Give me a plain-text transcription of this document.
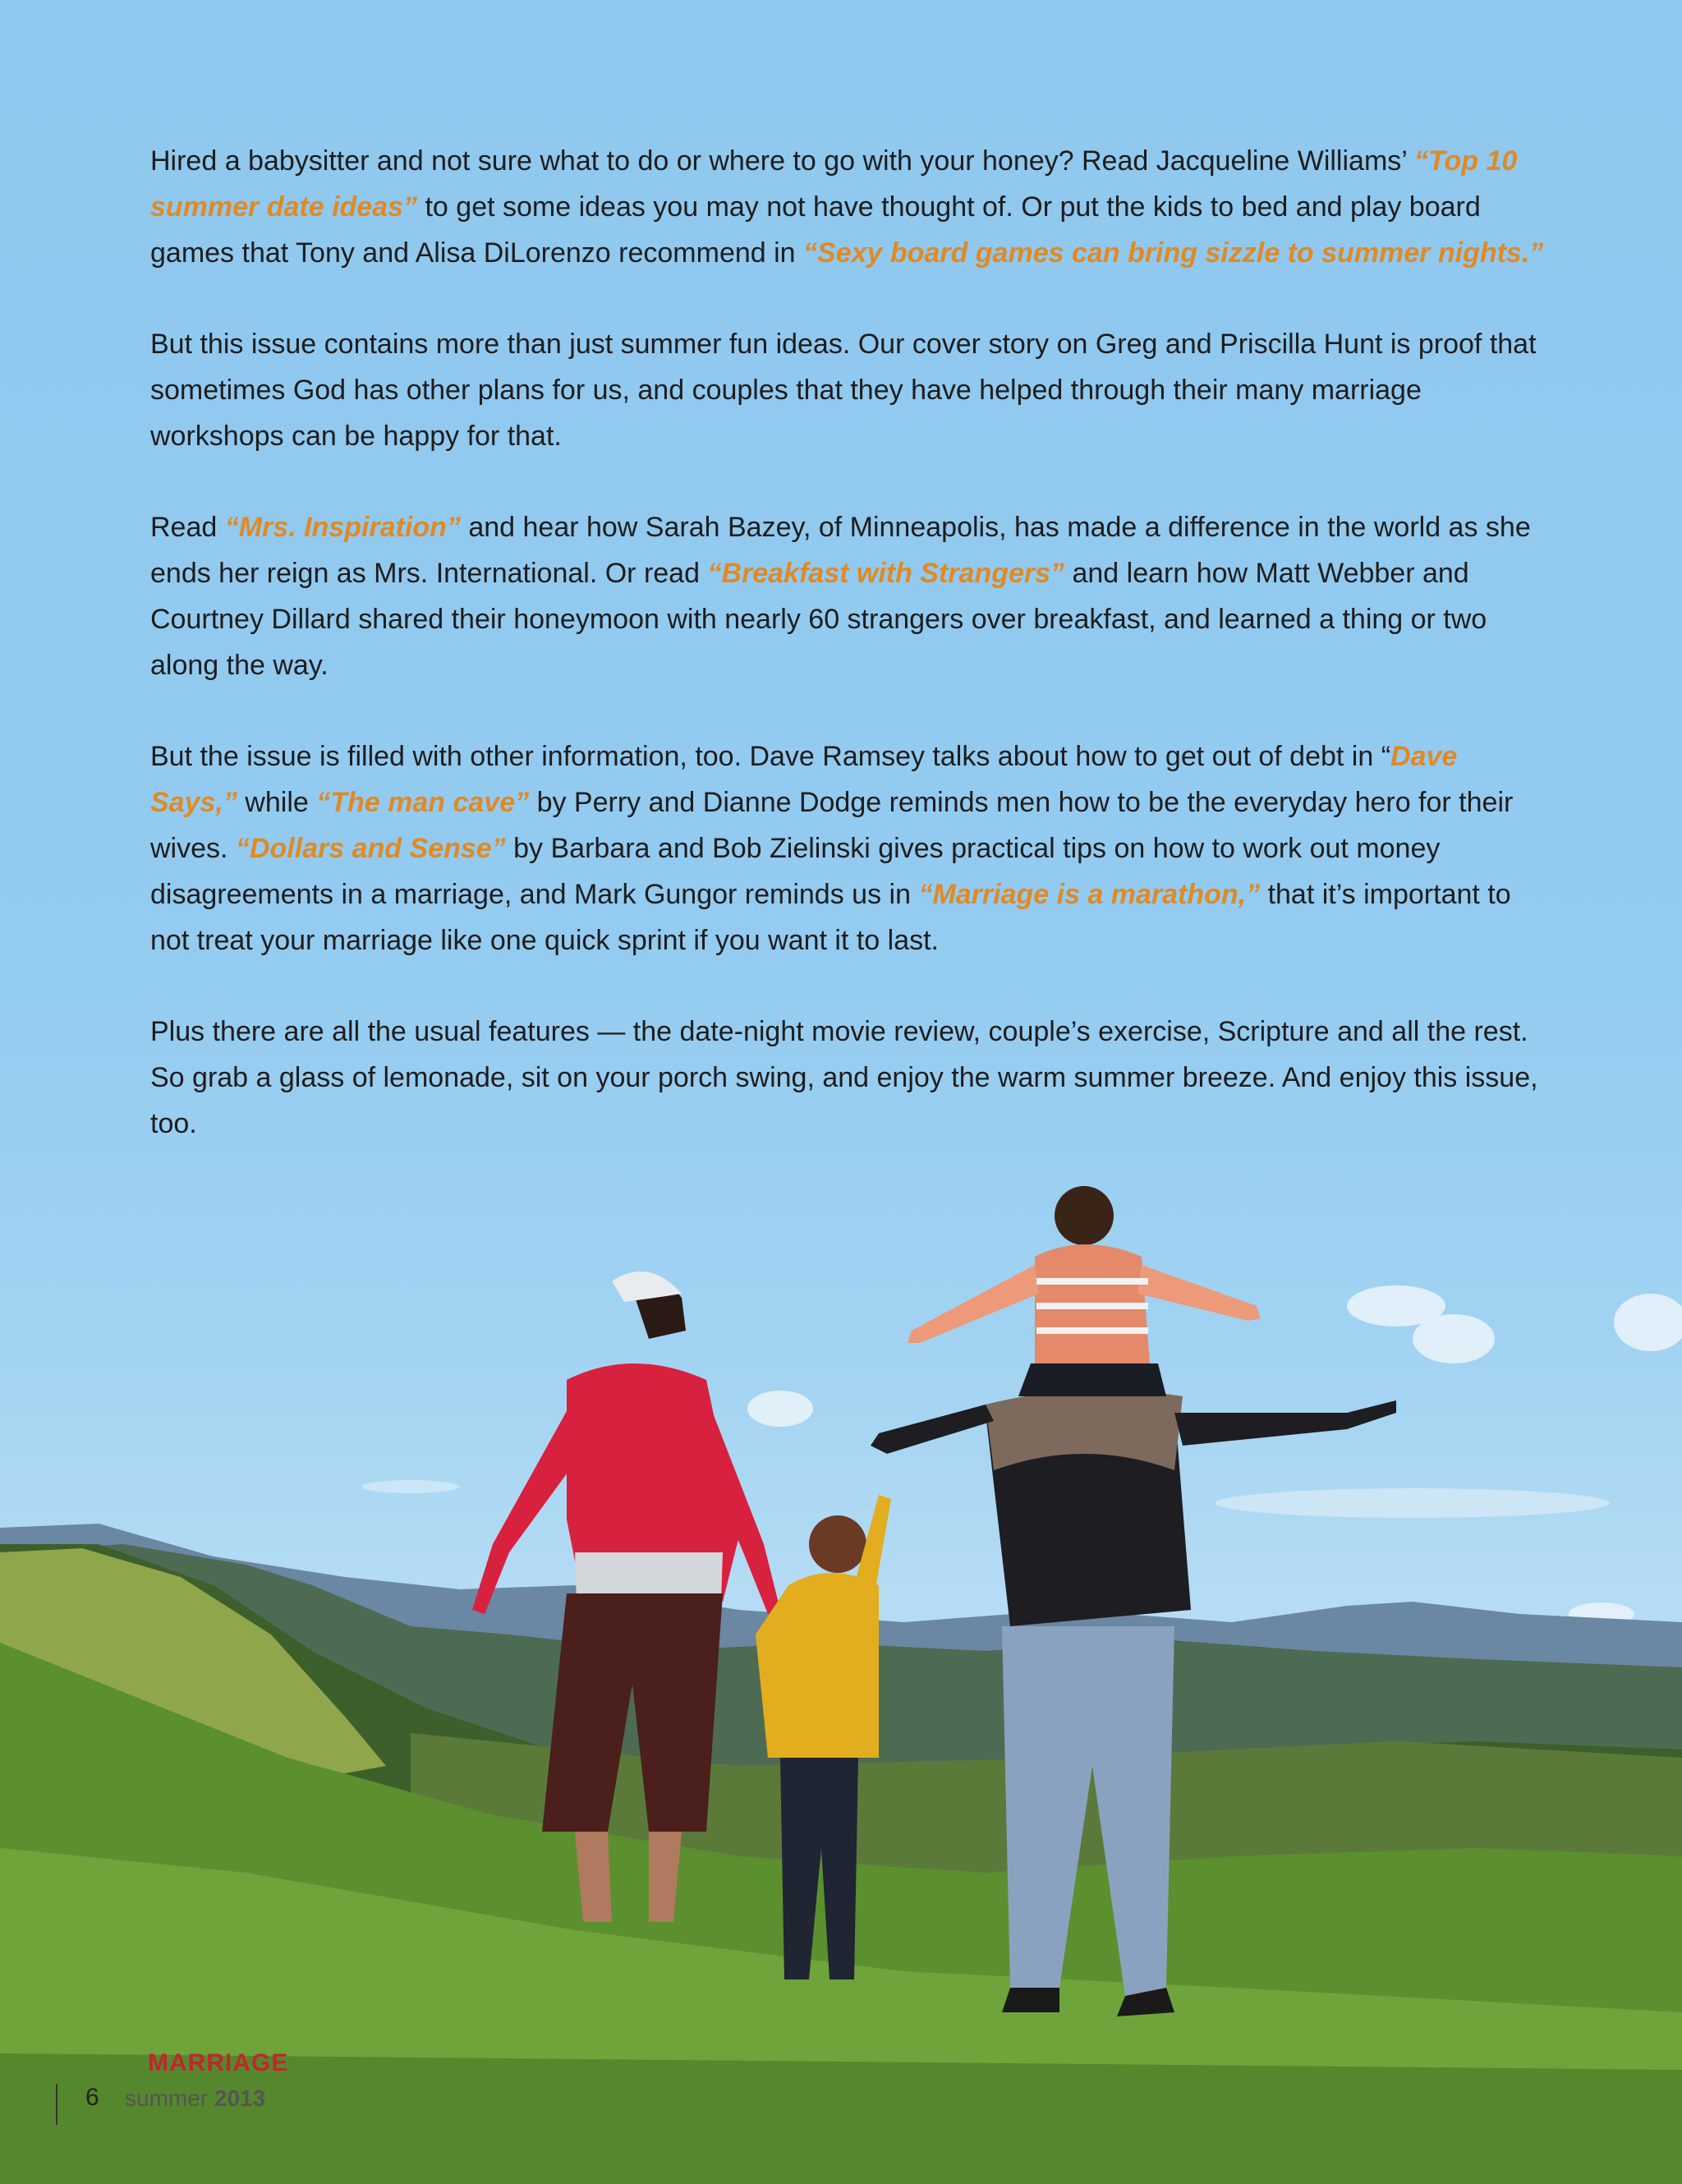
Hired a babysitter and not sure what to do or where to go with your honey? Read Jacqueline Williams’ “Top 10 summer date ideas” to get some ideas you may not have thought of. Or put the kids to bed and play board games that Tony and Alisa DiLorenzo recommend in “Sexy board games can bring sizzle to summer nights.”

But this issue contains more than just summer fun ideas. Our cover story on Greg and Priscilla Hunt is proof that sometimes God has other plans for us, and couples that they have helped through their many marriage workshops can be happy for that.

Read “Mrs. Inspiration” and hear how Sarah Bazey, of Minneapolis, has made a difference in the world as she ends her reign as Mrs. International. Or read “Breakfast with Strangers” and learn how Matt Webber and Courtney Dillard shared their honeymoon with nearly 60 strangers over breakfast, and learned a thing or two along the way.

But the issue is filled with other information, too. Dave Ramsey talks about how to get out of debt in “Dave Says,” while “The man cave” by Perry and Dianne Dodge reminds men how to be the everyday hero for their wives. “Dollars and Sense” by Barbara and Bob Zielinski gives practical tips on how to work out money disagreements in a marriage, and Mark Gungor reminds us in “Marriage is a marathon,” that it’s important to not treat your marriage like one quick sprint if you want it to last.

Plus there are all the usual features — the date-night movie review, couple’s exercise, Scripture and all the rest. So grab a glass of lemonade, sit on your porch swing, and enjoy the warm summer breeze. And enjoy this issue, too.

MARRIAGE
6 summer 2013
